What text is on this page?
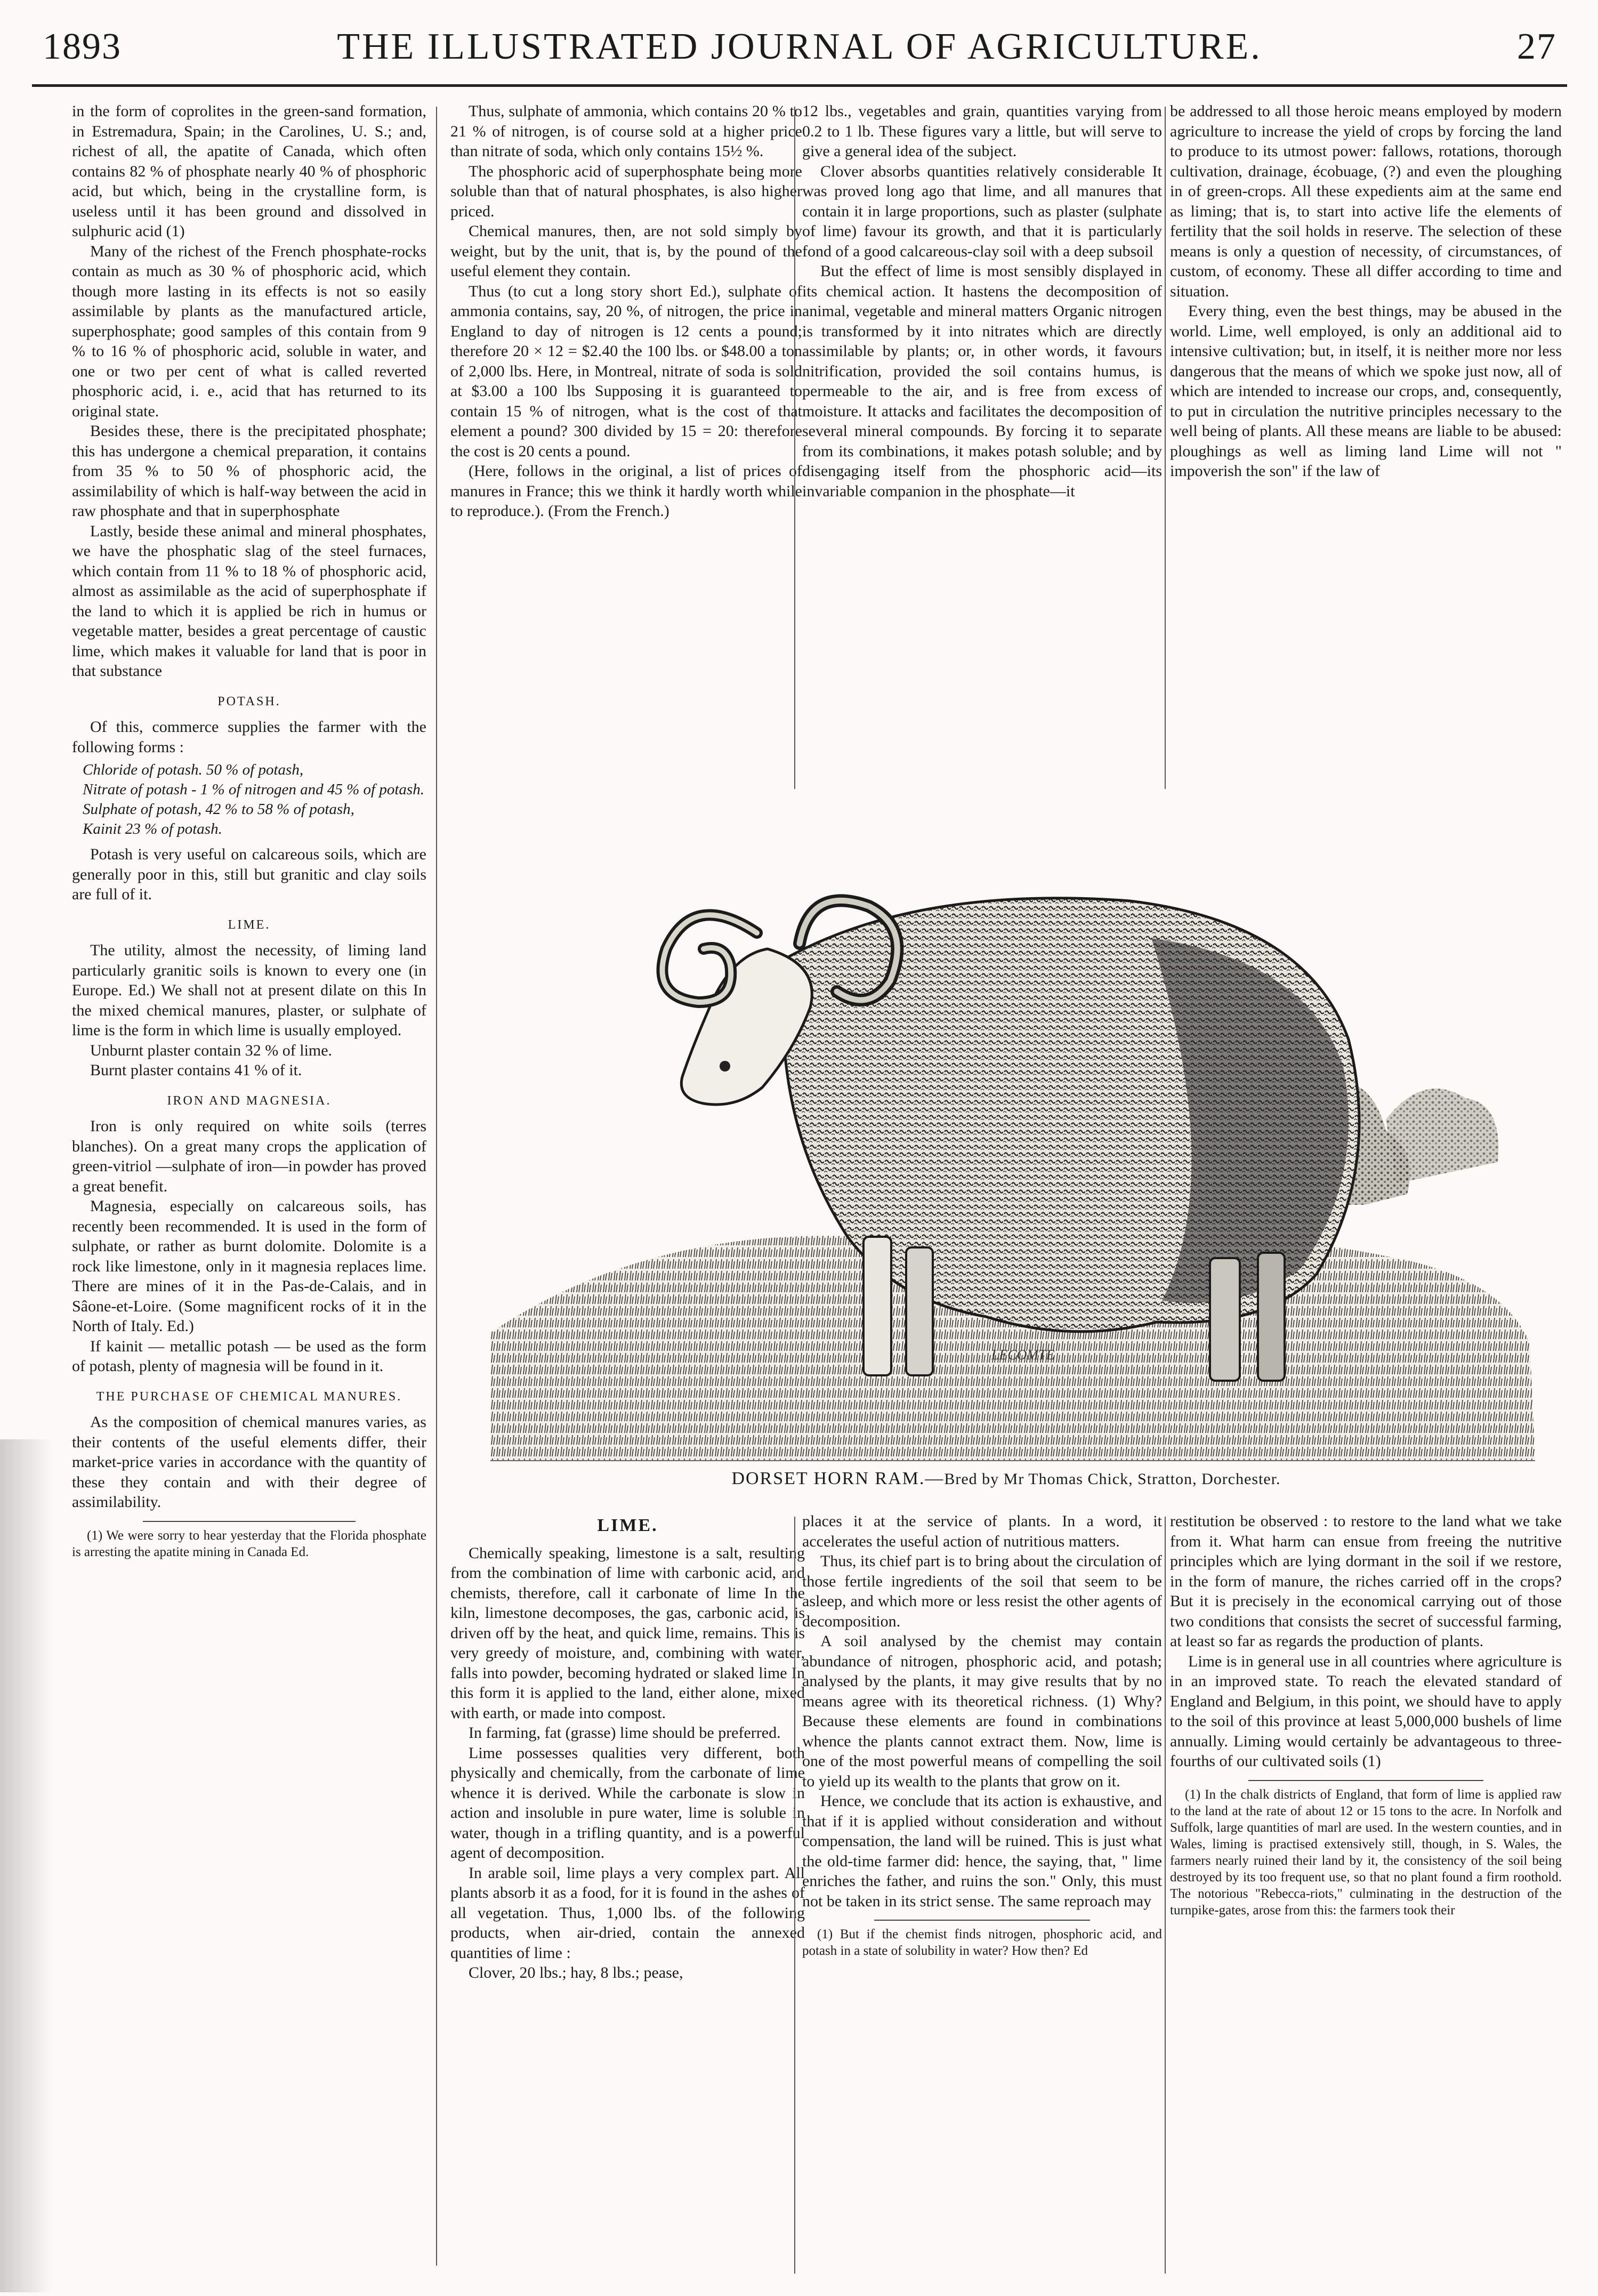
1893	THE ILLUSTRATED JOURNAL OF AGRICULTURE.	27

in the form of coprolites in the green-sand formation, in Estremadura, Spain; in the Carolines, U. S.; and, richest of all, the apatite of Canada, which often contains 82 % of phosphate nearly 40 % of phosphoric acid, but which, being in the crystalline form, is useless until it has been ground and dissolved in sulphuric acid (1)

Many of the richest of the French phosphate-rocks contain as much as 30 % of phosphoric acid, which though more lasting in its effects is not so easily assimilable by plants as the manufactured article, superphosphate; good samples of this contain from 9 % to 16 % of phosphoric acid, soluble in water, and one or two per cent of what is called reverted phosphoric acid, i. e., acid that has returned to its original state.

Besides these, there is the precipitated phosphate; this has undergone a chemical preparation, it contains from 35 % to 50 % of phosphoric acid, the assimilability of which is half-way between the acid in raw phosphate and that in superphosphate

Lastly, beside these animal and mineral phosphates, we have the phosphatic slag of the steel furnaces, which contain from 11 % to 18 % of phosphoric acid, almost as assimilable as the acid of superphosphate if the land to which it is applied be rich in humus or vegetable matter, besides a great percentage of caustic lime, which makes it valuable for land that is poor in that substance

POTASH.

Of this, commerce supplies the farmer with the following forms :

Chloride of potash. 50 % of potash,
Nitrate of potash - 1 % of nitrogen and 45 % of potash.
Sulphate of potash, 42 % to 58 % of potash,
Kainit 23 % of potash.

Potash is very useful on calcareous soils, which are generally poor in this, still but granitic and clay soils are full of it.

LIME.

The utility, almost the necessity, of liming land particularly granitic soils is known to every one (in Europe. Ed.) We shall not at present dilate on this In the mixed chemical manures, plaster, or sulphate of lime is the form in which lime is usually employed.

Unburnt plaster contain 32 % of lime.

Burnt plaster contains 41 % of it.

IRON AND MAGNESIA.

Iron is only required on white soils (terres blanches). On a great many crops the application of green-vitriol —sulphate of iron—in powder has proved a great benefit.

Magnesia, especially on calcareous soils, has recently been recommended. It is used in the form of sulphate, or rather as burnt dolomite. Dolomite is a rock like limestone, only in it magnesia replaces lime. There are mines of it in the Pas-de-Calais, and in Sâone-et-Loire. (Some magnificent rocks of it in the North of Italy. Ed.)

If kainit — metallic potash — be used as the form of potash, plenty of magnesia will be found in it.

THE PURCHASE OF CHEMICAL MANURES.

As the composition of chemical manures varies, as their contents of the useful elements differ, their market-price varies in accordance with the quantity of these they contain and with their degree of assimilability.

(1) We were sorry to hear yesterday that the Florida phosphate is arresting the apatite mining in Canada Ed.

Thus, sulphate of ammonia, which contains 20 % to 21 % of nitrogen, is of course sold at a higher price than nitrate of soda, which only contains 15½ %.

The phosphoric acid of superphosphate being more soluble than that of natural phosphates, is also higher priced.

Chemical manures, then, are not sold simply by weight, but by the unit, that is, by the pound of the useful element they contain.

Thus (to cut a long story short Ed.), sulphate of ammonia contains, say, 20 %, of nitrogen, the price in England to day of nitrogen is 12 cents a pound; therefore 20 × 12 = $2.40 the 100 lbs. or $48.00 a ton of 2,000 lbs. Here, in Montreal, nitrate of soda is sold at $3.00 a 100 lbs Supposing it is guaranteed to contain 15 % of nitrogen, what is the cost of that element a pound? 300 divided by 15 = 20: therefore the cost is 20 cents a pound.

(Here, follows in the original, a list of prices of manures in France; this we think it hardly worth while to reproduce.). (From the French.)

12 lbs., vegetables and grain, quantities varying from 0.2 to 1 lb. These figures vary a little, but will serve to give a general idea of the subject.

Clover absorbs quantities relatively considerable It was proved long ago that lime, and all manures that contain it in large proportions, such as plaster (sulphate of lime) favour its growth, and that it is particularly fond of a good calcareous-clay soil with a deep subsoil

But the effect of lime is most sensibly displayed in its chemical action. It hastens the decomposition of animal, vegetable and mineral matters Organic nitrogen is transformed by it into nitrates which are directly assimilable by plants; or, in other words, it favours nitrification, provided the soil contains humus, is permeable to the air, and is free from excess of moisture. It attacks and facilitates the decomposition of several mineral compounds. By forcing it to separate from its combinations, it makes potash soluble; and by disengaging itself from the phosphoric acid—its invariable companion in the phosphate—it

be addressed to all those heroic means employed by modern agriculture to increase the yield of crops by forcing the land to produce to its utmost power: fallows, rotations, thorough cultivation, drainage, écobuage, (?) and even the ploughing in of green-crops. All these expedients aim at the same end as liming; that is, to start into active life the elements of fertility that the soil holds in reserve. The selection of these means is only a question of necessity, of circumstances, of custom, of economy. These all differ according to time and situation.

Every thing, even the best things, may be abused in the world. Lime, well employed, is only an additional aid to intensive cultivation; but, in itself, it is neither more nor less dangerous that the means of which we spoke just now, all of which are intended to increase our crops, and, consequently, to put in circulation the nutritive principles necessary to the well being of plants. All these means are liable to be abused: ploughings as well as liming land Lime will not " impoverish the son" if the law of

LECOMTE
DORSET HORN RAM.—Bred by Mr Thomas Chick, Stratton, Dorchester.
LIME.

Chemically speaking, limestone is a salt, resulting from the combination of lime with carbonic acid, and chemists, therefore, call it carbonate of lime In the kiln, limestone decomposes, the gas, carbonic acid, is driven off by the heat, and quick lime, remains. This is very greedy of moisture, and, combining with water, falls into powder, becoming hydrated or slaked lime In this form it is applied to the land, either alone, mixed with earth, or made into compost.

In farming, fat (grasse) lime should be preferred.

Lime possesses qualities very different, both physically and chemically, from the carbonate of lime whence it is derived. While the carbonate is slow in action and insoluble in pure water, lime is soluble in water, though in a trifling quantity, and is a powerful agent of decomposition.

In arable soil, lime plays a very complex part. All plants absorb it as a food, for it is found in the ashes of all vegetation. Thus, 1,000 lbs. of the following products, when air-dried, contain the annexed quantities of lime :

Clover, 20 lbs.; hay, 8 lbs.; pease,

places it at the service of plants. In a word, it accelerates the useful action of nutritious matters.

Thus, its chief part is to bring about the circulation of those fertile ingredients of the soil that seem to be asleep, and which more or less resist the other agents of decomposition.

A soil analysed by the chemist may contain abundance of nitrogen, phosphoric acid, and potash; analysed by the plants, it may give results that by no means agree with its theoretical richness. (1) Why? Because these elements are found in combinations whence the plants cannot extract them. Now, lime is one of the most powerful means of compelling the soil to yield up its wealth to the plants that grow on it.

Hence, we conclude that its action is exhaustive, and that if it is applied without consideration and without compensation, the land will be ruined. This is just what the old-time farmer did: hence, the saying, that, " lime enriches the father, and ruins the son." Only, this must not be taken in its strict sense. The same reproach may

(1) But if the chemist finds nitrogen, phosphoric acid, and potash in a state of solubility in water? How then? Ed

restitution be observed : to restore to the land what we take from it. What harm can ensue from freeing the nutritive principles which are lying dormant in the soil if we restore, in the form of manure, the riches carried off in the crops? But it is precisely in the economical carrying out of those two conditions that consists the secret of successful farming, at least so far as regards the production of plants.

Lime is in general use in all countries where agriculture is in an improved state. To reach the elevated standard of England and Belgium, in this point, we should have to apply to the soil of this province at least 5,000,000 bushels of lime annually. Liming would certainly be advantageous to three-fourths of our cultivated soils (1)

(1) In the chalk districts of England, that form of lime is applied raw to the land at the rate of about 12 or 15 tons to the acre. In Norfolk and Suffolk, large quantities of marl are used. In the western counties, and in Wales, liming is practised extensively still, though, in S. Wales, the farmers nearly ruined their land by it, the consistency of the soil being destroyed by its too frequent use, so that no plant found a firm roothold. The notorious "Rebecca-riots," culminating in the destruction of the turnpike-gates, arose from this: the farmers took their
